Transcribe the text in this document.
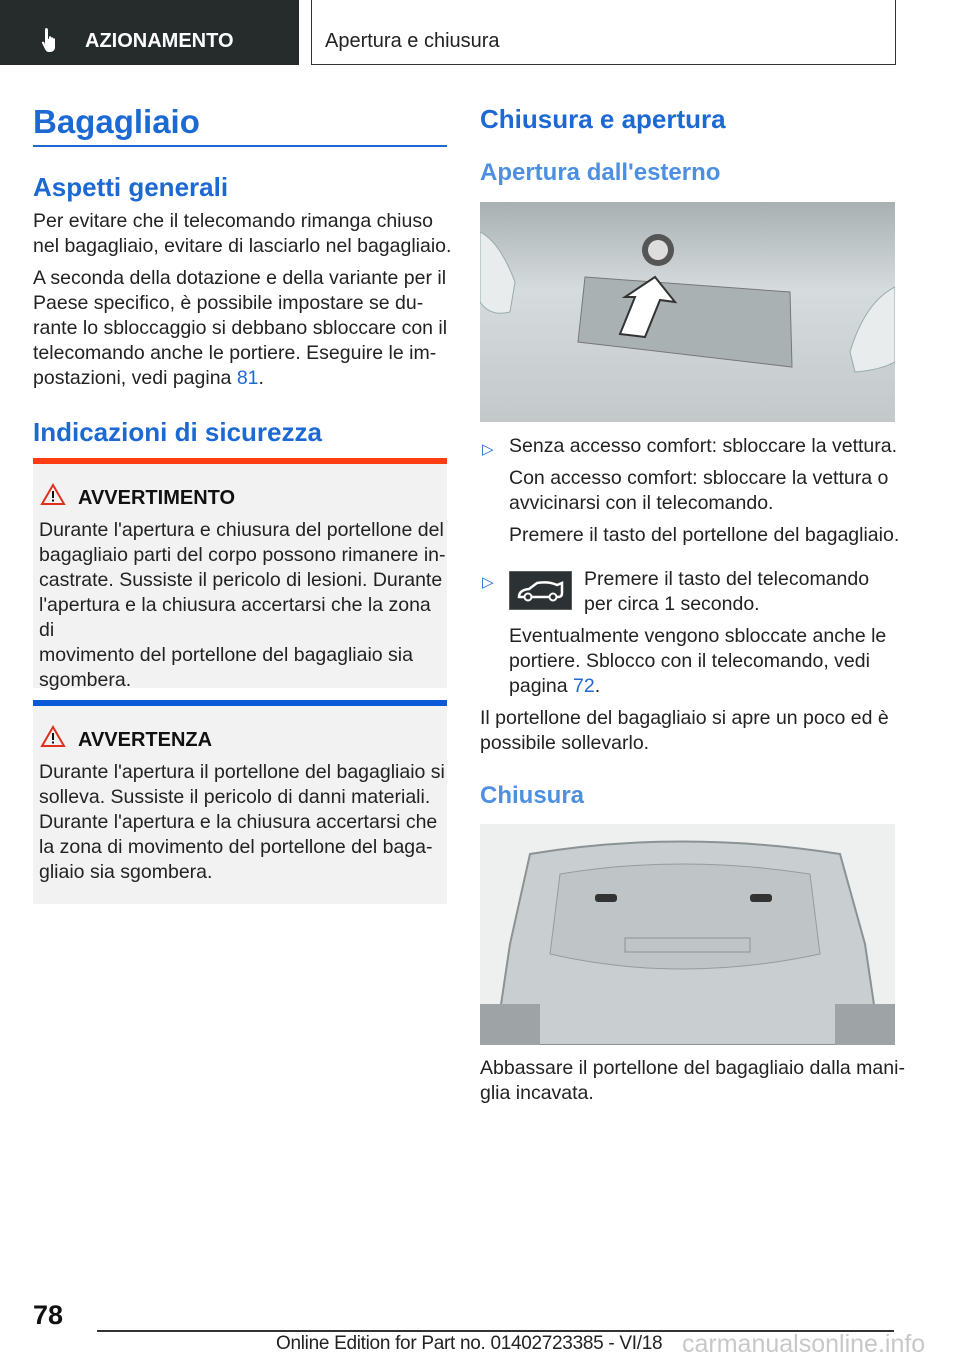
AZIONAMENTO	Apertura e chiusura
Bagagliaio
Aspetti generali
Per evitare che il telecomando rimanga chiuso
nel bagagliaio, evitare di lasciarlo nel bagagliaio.
A seconda della dotazione e della variante per il
Paese specifico, è possibile impostare se du-
rante lo sbloccaggio si debbano sbloccare con il
telecomando anche le portiere. Eseguire le im-
postazioni, vedi pagina 81.
Indicazioni di sicurezza
AVVERTIMENTO
Durante l'apertura e chiusura del portellone del
bagagliaio parti del corpo possono rimanere in-
castrate. Sussiste il pericolo di lesioni. Durante
l'apertura e la chiusura accertarsi che la zona di
movimento del portellone del bagagliaio sia
sgombera.
AVVERTENZA
Durante l'apertura il portellone del bagagliaio si
solleva. Sussiste il pericolo di danni materiali.
Durante l'apertura e la chiusura accertarsi che
la zona di movimento del portellone del baga-
gliaio sia sgombera.
Chiusura e apertura
Apertura dall'esterno
▷ Senza accesso comfort: sbloccare la vettura.
Con accesso comfort: sbloccare la vettura o
avvicinarsi con il telecomando.
Premere il tasto del portellone del bagagliaio.
▷	Premere il tasto del telecomando
per circa 1 secondo.
Eventualmente vengono sbloccate anche le
portiere. Sblocco con il telecomando, vedi
pagina 72.
Il portellone del bagagliaio si apre un poco ed è
possibile sollevarlo.
Chiusura
Abbassare il portellone del bagagliaio dalla mani-
glia incavata.
78
Online Edition for Part no. 01402723385 - VI/18 carmanualsonline.info
